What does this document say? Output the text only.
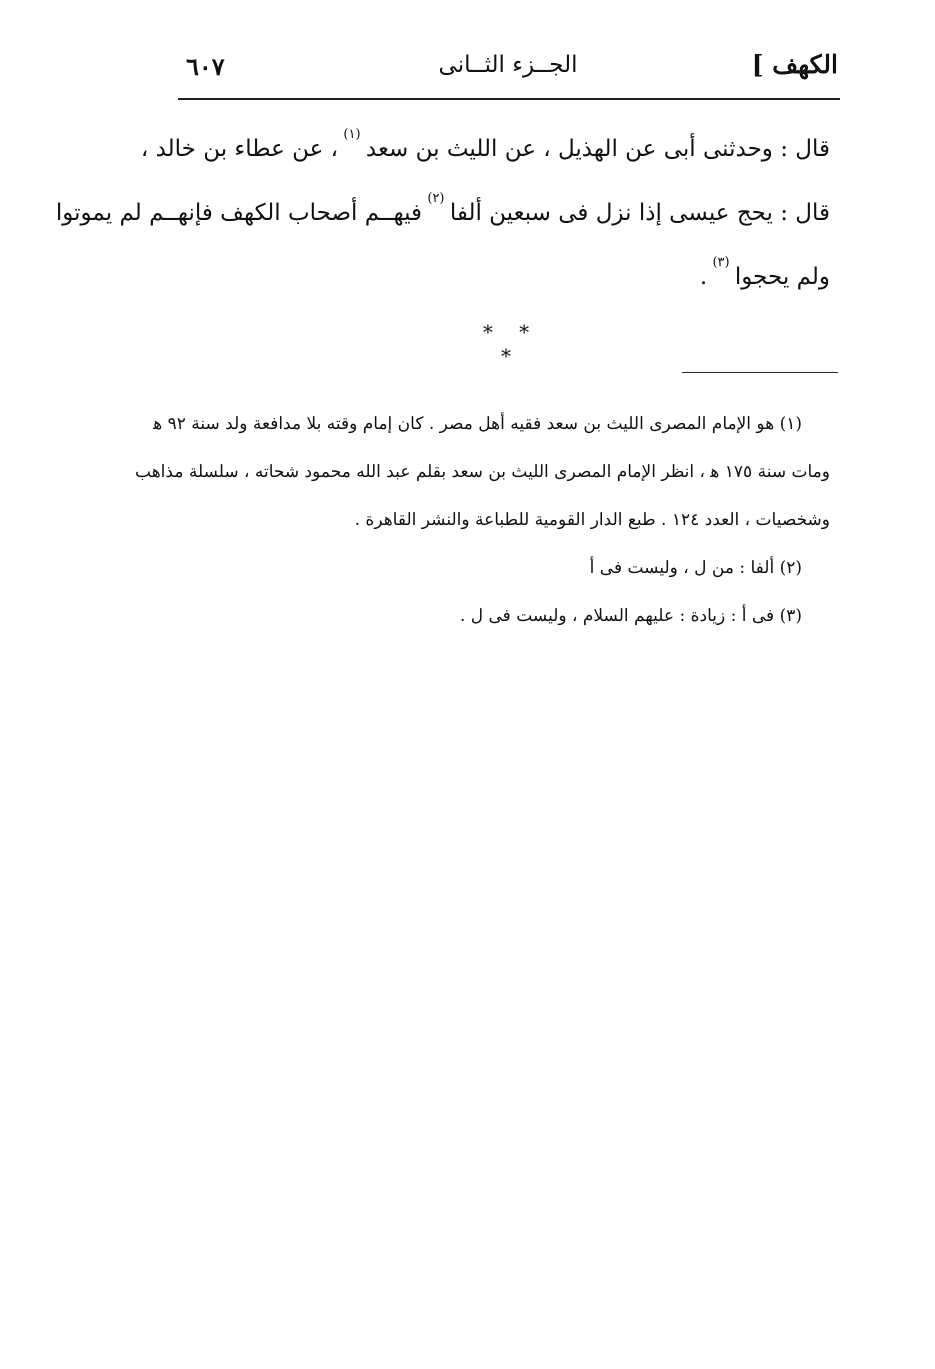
الكهف ]
الجــزء الثــانى
٦٠٧
قال : وحدثنى أبى عن الهذيل ، عن الليث بن سعد $^{(١)}$ ، عن عطاء بن خالد ،
قال : يحج عيسى إذا نزل فى سبعين ألفا $^{(٢)}$ فيهــم أصحاب الكهف فإنهــم لم يموتوا
ولم يحجوا $^{(٣)}$ .
* * *
(١) هو الإمام المصرى الليث بن سعد فقيه أهل مصر . كان إمام وقته بلا مدافعة ولد سنة ٩٢ ﻫ
ومات سنة ١٧٥ ﻫ ، انظر الإمام المصرى الليث بن سعد بقلم عبد الله محمود شحاته ، سلسلة مذاهب
وشخصيات ، العدد ١٢٤ . طبع الدار القومية للطباعة والنشر القاهرة .
(٢) ألفا : من ل ، وليست فى أ
(٣) فى أ : زيادة : عليهم السلام ، وليست فى ل .
